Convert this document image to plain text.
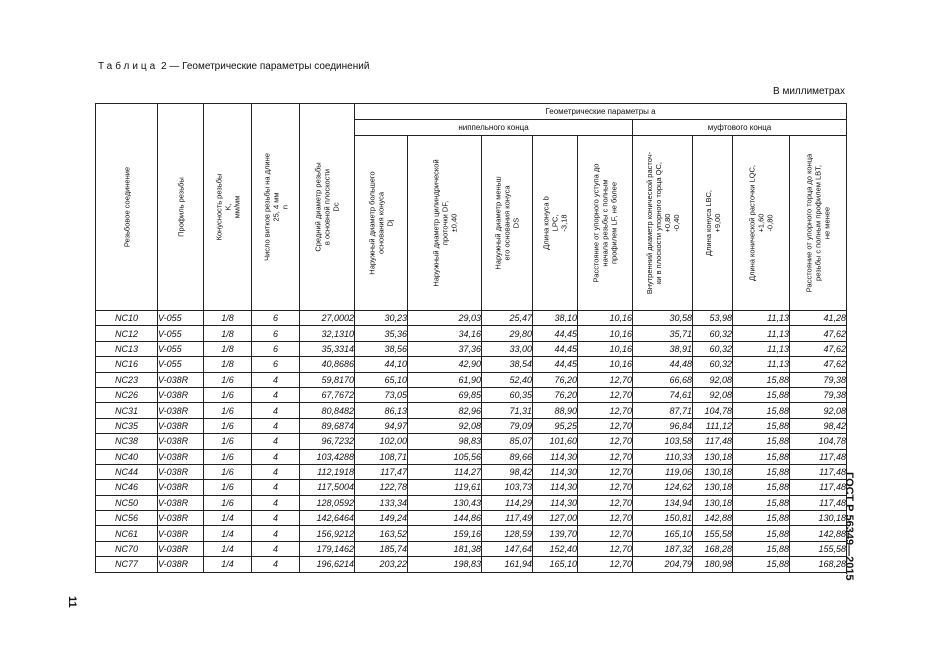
Таблица 2 — Геометрические параметры соединений
В миллиметрах
ГОСТ Р 56349—2015
11
Резьбовое соединение	Профиль резьбы	Конусность резьбы K, мм/мм	Число витков резьбы на длине 25, 4 мм n	Средний диаметр резьбы в основной плоскости Dc	Геометрические параметры a								
					ниппельного конца					муфтового конца			

					Наружный диаметр большего основания конуса Dj	Наружный диаметр цилиндрической проточки DF, ±0,40	Наружный диаметр меньш его основания конуса DS	Длина конуса b LPC, -3,18	Расстояние от упорного уступа до начала резьбы с полным профилем LF, не более	Внутренний диаметр конической расточ- ки в плоскости упорного торца QC, +0,80 -0,40	Длина конуса LBC, +9,00	Длина конической расточки LQC, +1,60 -0,80	Расстояние от упорного торца до конца резьбы с полным профилем LBT, не менее

NC10	V-055	1/8	6	27,0002	30,23	29,03	25,47	38,10	10,16	30,58	53,98	11,13	41,28
NC12	V-055	1/8	6	32,1310	35,36	34,16	29,80	44,45	10,16	35,71	60,32	11,13	47,62
NC13	V-055	1/8	6	35,3314	38,56	37,36	33,00	44,45	10,16	38,91	60,32	11,13	47,62
NC16	V-055	1/8	6	40,8686	44,10	42,90	38,54	44,45	10,16	44,48	60,32	11,13	47,62
NC23	V-038R	1/6	4	59,8170	65,10	61,90	52,40	76,20	12,70	66,68	92,08	15,88	79,38
NC26	V-038R	1/6	4	67,7672	73,05	69,85	60,35	76,20	12,70	74,61	92,08	15,88	79,38
NC31	V-038R	1/6	4	80,8482	86,13	82,96	71,31	88,90	12,70	87,71	104,78	15,88	92,08
NC35	V-038R	1/6	4	89,6874	94,97	92,08	79,09	95,25	12,70	96,84	111,12	15,88	98,42
NC38	V-038R	1/6	4	96,7232	102,00	98,83	85,07	101,60	12,70	103,58	117,48	15,88	104,78
NC40	V-038R	1/6	4	103,4288	108,71	105,56	89,66	114,30	12,70	110,33	130,18	15,88	117,48
NC44	V-038R	1/6	4	112,1918	117,47	114,27	98,42	114,30	12,70	119,06	130,18	15,88	117,48
NC46	V-038R	1/6	4	117,5004	122,78	119,61	103,73	114,30	12,70	124,62	130,18	15,88	117,48
NC50	V-038R	1/6	4	128,0592	133,34	130,43	114,29	114,30	12,70	134,94	130,18	15,88	117,48
NC56	V-038R	1/4	4	142,6464	149,24	144,86	117,49	127,00	12,70	150,81	142,88	15,88	130,18
NC61	V-038R	1/4	4	156,9212	163,52	159,16	128,59	139,70	12,70	165,10	155,58	15,88	142,88
NC70	V-038R	1/4	4	179,1462	185,74	181,38	147,64	152,40	12,70	187,32	168,28	15,88	155,58
NC77	V-038R	1/4	4	196,6214	203,22	198,83	161,94	165,10	12,70	204,79	180,98	15,88	168,28
